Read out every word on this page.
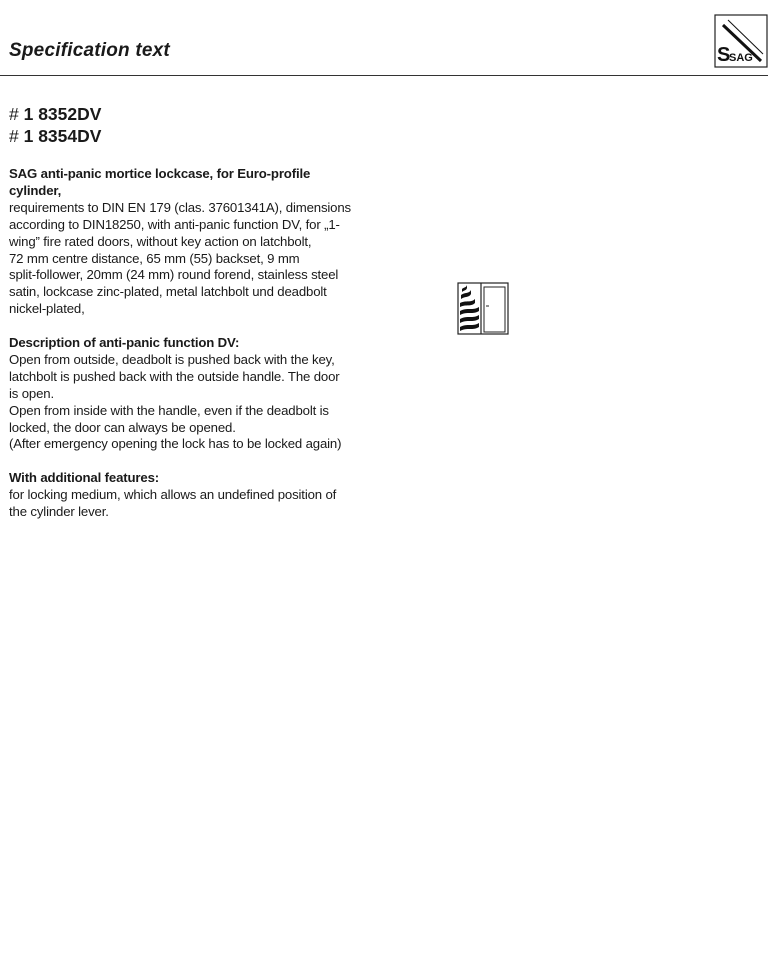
Specification text	S
SAG
# 1 8352DV
# 1 8354DV

SAG anti-panic mortice lockcase, for Euro-profile cylinder,

requirements to DIN EN 179 (clas. 37601341A), dimensions

according to DIN18250, with anti-panic function DV, for „1-

wing” fire rated doors, without key action on latchbolt,

72 mm centre distance, 65 mm (55) backset, 9 mm

split-follower, 20mm (24 mm) round forend, stainless steel

satin, lockcase zinc-plated, metal latchbolt und deadbolt

nickel-plated,

Description of anti-panic function DV:

Open from outside, deadbolt is pushed back with the key,

latchbolt is pushed back with the outside handle. The door

is open.

Open from inside with the handle, even if the deadbolt is

locked, the door can always be opened.

(After emergency opening the lock has to be locked again)

With additional features:

for locking medium, which allows an undefined position of

the cylinder lever.
